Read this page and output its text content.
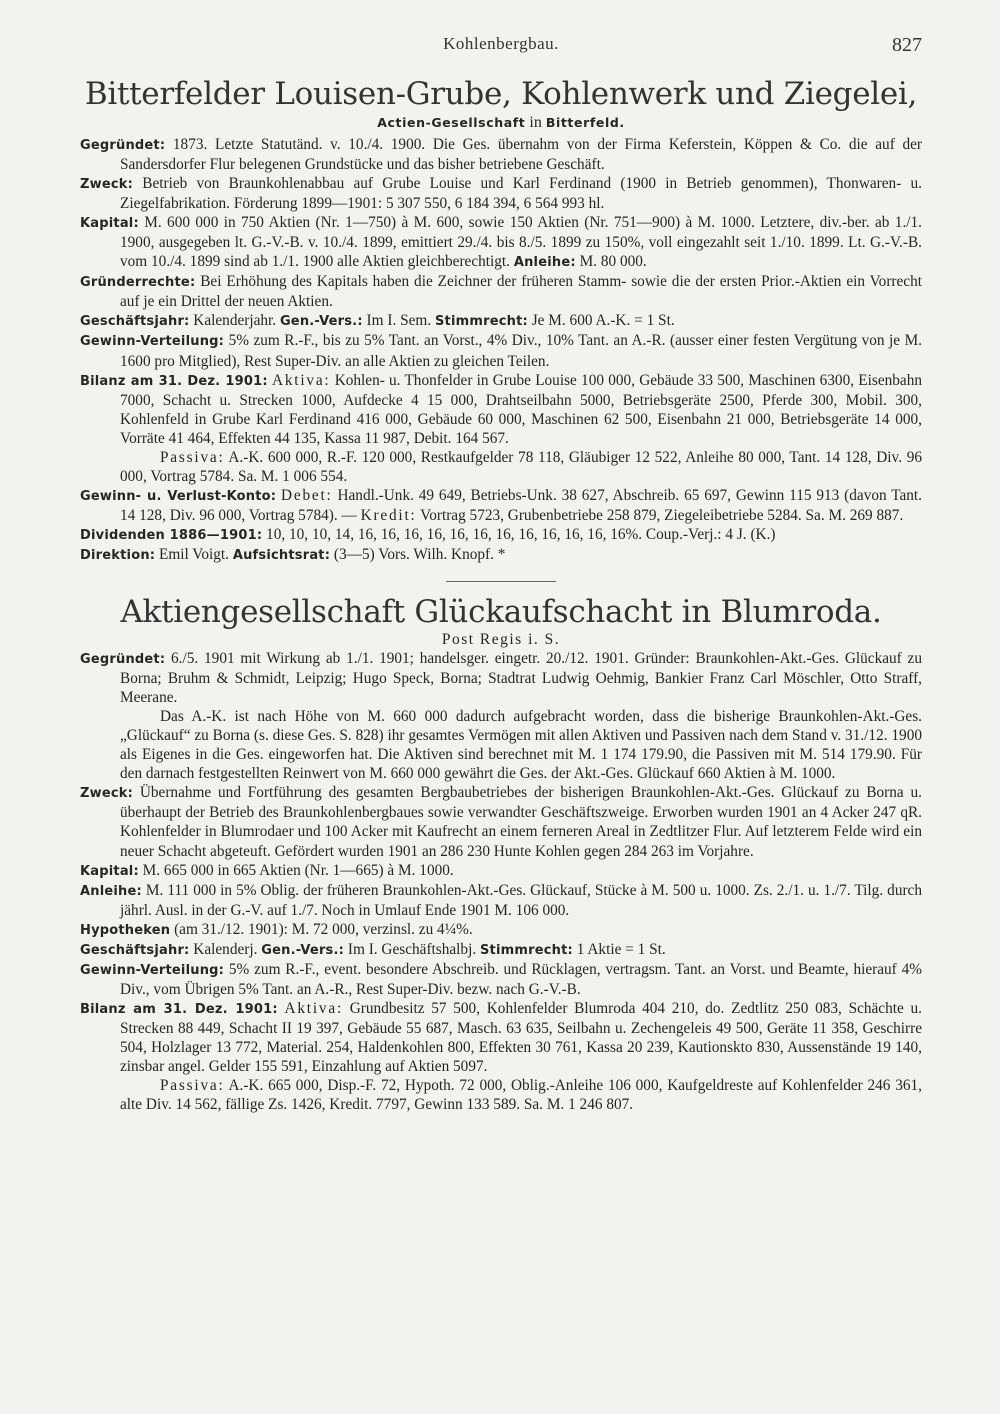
Kohlenbergbau.	827
Bitterfelder Louisen-Grube, Kohlenwerk und Ziegelei,
Actien-Gesellschaft in Bitterfeld.

Gegründet: 1873. Letzte Statutänd. v. 10./4. 1900. Die Ges. übernahm von der Firma Keferstein, Köppen & Co. die auf der Sandersdorfer Flur belegenen Grundstücke und das bisher betriebene Geschäft.

Zweck: Betrieb von Braunkohlenabbau auf Grube Louise und Karl Ferdinand (1900 in Betrieb genommen), Thonwaren- u. Ziegelfabrikation. Förderung 1899—1901: 5 307 550, 6 184 394, 6 564 993 hl.

Kapital: M. 600 000 in 750 Aktien (Nr. 1—750) à M. 600, sowie 150 Aktien (Nr. 751—900) à M. 1000. Letztere, div.-ber. ab 1./1. 1900, ausgegeben lt. G.-V.-B. v. 10./4. 1899, emittiert 29./4. bis 8./5. 1899 zu 150%, voll eingezahlt seit 1./10. 1899. Lt. G.-V.-B. vom 10./4. 1899 sind ab 1./1. 1900 alle Aktien gleichberechtigt. Anleihe: M. 80 000.

Gründerrechte: Bei Erhöhung des Kapitals haben die Zeichner der früheren Stamm- sowie die der ersten Prior.-Aktien ein Vorrecht auf je ein Drittel der neuen Aktien.

Geschäftsjahr: Kalenderjahr. Gen.-Vers.: Im I. Sem. Stimmrecht: Je M. 600 A.-K. = 1 St.

Gewinn-Verteilung: 5% zum R.-F., bis zu 5% Tant. an Vorst., 4% Div., 10% Tant. an A.-R. (ausser einer festen Vergütung von je M. 1600 pro Mitglied), Rest Super-Div. an alle Aktien zu gleichen Teilen.

Bilanz am 31. Dez. 1901: Aktiva: Kohlen- u. Thonfelder in Grube Louise 100 000, Gebäude 33 500, Maschinen 6300, Eisenbahn 7000, Schacht u. Strecken 1000, Aufdecke 4 15 000, Drahtseilbahn 5000, Betriebsgeräte 2500, Pferde 300, Mobil. 300, Kohlenfeld in Grube Karl Ferdinand 416 000, Gebäude 60 000, Maschinen 62 500, Eisenbahn 21 000, Betriebsgeräte 14 000, Vorräte 41 464, Effekten 44 135, Kassa 11 987, Debit. 164 567.

Passiva: A.-K. 600 000, R.-F. 120 000, Restkaufgelder 78 118, Gläubiger 12 522, Anleihe 80 000, Tant. 14 128, Div. 96 000, Vortrag 5784. Sa. M. 1 006 554.

Gewinn- u. Verlust-Konto: Debet: Handl.-Unk. 49 649, Betriebs-Unk. 38 627, Abschreib. 65 697, Gewinn 115 913 (davon Tant. 14 128, Div. 96 000, Vortrag 5784). — Kredit: Vortrag 5723, Grubenbetriebe 258 879, Ziegeleibetriebe 5284. Sa. M. 269 887.

Dividenden 1886—1901: 10, 10, 10, 14, 16, 16, 16, 16, 16, 16, 16, 16, 16, 16, 16, 16%. Coup.-Verj.: 4 J. (K.)

Direktion: Emil Voigt. Aufsichtsrat: (3—5) Vors. Wilh. Knopf. *

Aktiengesellschaft Glückaufschacht in Blumroda.
Post Regis i. S.

Gegründet: 6./5. 1901 mit Wirkung ab 1./1. 1901; handelsger. eingetr. 20./12. 1901. Gründer: Braunkohlen-Akt.-Ges. Glückauf zu Borna; Bruhm & Schmidt, Leipzig; Hugo Speck, Borna; Stadtrat Ludwig Oehmig, Bankier Franz Carl Möschler, Otto Straff, Meerane.

Das A.-K. ist nach Höhe von M. 660 000 dadurch aufgebracht worden, dass die bisherige Braunkohlen-Akt.-Ges. „Glückauf“ zu Borna (s. diese Ges. S. 828) ihr gesamtes Vermögen mit allen Aktiven und Passiven nach dem Stand v. 31./12. 1900 als Eigenes in die Ges. eingeworfen hat. Die Aktiven sind berechnet mit M. 1 174 179.90, die Passiven mit M. 514 179.90. Für den darnach festgestellten Reinwert von M. 660 000 gewährt die Ges. der Akt.-Ges. Glückauf 660 Aktien à M. 1000.

Zweck: Übernahme und Fortführung des gesamten Bergbaubetriebes der bisherigen Braunkohlen-Akt.-Ges. Glückauf zu Borna u. überhaupt der Betrieb des Braunkohlenbergbaues sowie verwandter Geschäftszweige. Erworben wurden 1901 an 4 Acker 247 qR. Kohlenfelder in Blumrodaer und 100 Acker mit Kaufrecht an einem ferneren Areal in Zedtlitzer Flur. Auf letzterem Felde wird ein neuer Schacht abgeteuft. Gefördert wurden 1901 an 286 230 Hunte Kohlen gegen 284 263 im Vorjahre.

Kapital: M. 665 000 in 665 Aktien (Nr. 1—665) à M. 1000.

Anleihe: M. 111 000 in 5% Oblig. der früheren Braunkohlen-Akt.-Ges. Glückauf, Stücke à M. 500 u. 1000. Zs. 2./1. u. 1./7. Tilg. durch jährl. Ausl. in der G.-V. auf 1./7. Noch in Umlauf Ende 1901 M. 106 000.

Hypotheken (am 31./12. 1901): M. 72 000, verzinsl. zu 4¼%.

Geschäftsjahr: Kalenderj. Gen.-Vers.: Im I. Geschäftshalbj. Stimmrecht: 1 Aktie = 1 St.

Gewinn-Verteilung: 5% zum R.-F., event. besondere Abschreib. und Rücklagen, vertragsm. Tant. an Vorst. und Beamte, hierauf 4% Div., vom Übrigen 5% Tant. an A.-R., Rest Super-Div. bezw. nach G.-V.-B.

Bilanz am 31. Dez. 1901: Aktiva: Grundbesitz 57 500, Kohlenfelder Blumroda 404 210, do. Zedtlitz 250 083, Schächte u. Strecken 88 449, Schacht II 19 397, Gebäude 55 687, Masch. 63 635, Seilbahn u. Zechengeleis 49 500, Geräte 11 358, Geschirre 504, Holzlager 13 772, Material. 254, Haldenkohlen 800, Effekten 30 761, Kassa 20 239, Kautionskto 830, Aussenstände 19 140, zinsbar angel. Gelder 155 591, Einzahlung auf Aktien 5097.

Passiva: A.-K. 665 000, Disp.-F. 72, Hypoth. 72 000, Oblig.-Anleihe 106 000, Kaufgeldreste auf Kohlenfelder 246 361, alte Div. 14 562, fällige Zs. 1426, Kredit. 7797, Gewinn 133 589. Sa. M. 1 246 807.
